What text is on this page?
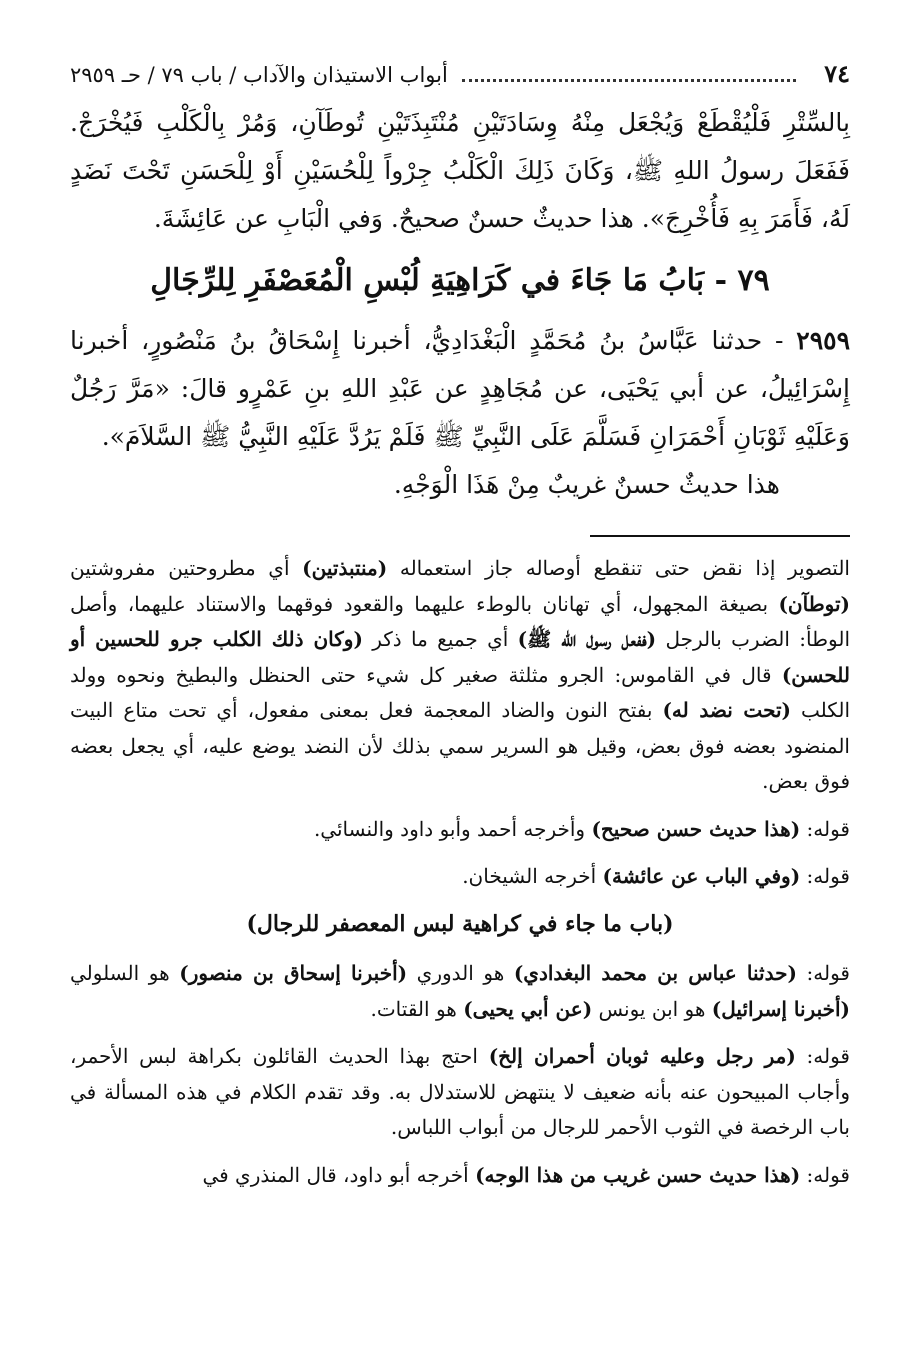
٧٤
أبواب الاستيذان والآداب / باب ٧٩ / حـ ٢٩٥٩

بِالسِّتْرِ فَلْيُقْطَعْ وَيُجْعَل مِنْهُ وِسَادَتَيْنِ مُنْتَبِذَتَيْنِ تُوطَآنِ، وَمُرْ بِالْكَلْبِ فَيُخْرَجْ. فَفَعَلَ رسولُ اللهِ ﷺ، وَكَانَ ذَلِكَ الْكَلْبُ جِرْواً لِلْحُسَيْنِ أَوْ لِلْحَسَنِ تَحْتَ نَضَدٍ لَهُ، فَأَمَرَ بِهِ فَأُخْرِجَ». هذا حديثٌ حسنٌ صحيحٌ. وَفي الْبَابِ عن عَائِشَةَ.

٧٩ - بَابُ مَا جَاءَ في كَرَاهِيَةِ لُبْسِ الْمُعَصْفَرِ لِلرِّجَالِ

٢٩٥٩ - حدثنا عَبَّاسُ بنُ مُحَمَّدٍ الْبَغْدَادِيُّ، أخبرنا إِسْحَاقُ بنُ مَنْصُورٍ، أخبرنا إِسْرَائِيلُ، عن أبي يَحْيَى، عن مُجَاهِدٍ عن عَبْدِ اللهِ بنِ عَمْرٍو قالَ: «مَرَّ رَجُلٌ وَعَلَيْهِ ثَوْبَانِ أَحْمَرَانِ فَسَلَّمَ عَلَى النَّبِيِّ ﷺ فَلَمْ يَرُدَّ عَلَيْهِ النَّبِيُّ ﷺ السَّلاَمَ».

هذا حديثٌ حسنٌ غريبٌ مِنْ هَذَا الْوَجْهِ.

التصوير إذا نقض حتى تنقطع أوصاله جاز استعماله (منتبذتين) أي مطروحتين مفروشتين (توطآن) بصيغة المجهول، أي تهانان بالوطء عليهما والقعود فوقهما والاستناد عليهما، وأصل الوطأ: الضرب بالرجل (ففعل رسول الله ﷺ) أي جميع ما ذكر (وكان ذلك الكلب جرو للحسين أو للحسن) قال في القاموس: الجرو مثلثة صغير كل شيء حتى الحنظل والبطيخ ونحوه وولد الكلب (تحت نضد له) بفتح النون والضاد المعجمة فعل بمعنى مفعول، أي تحت متاع البيت المنضود بعضه فوق بعض، وقيل هو السرير سمي بذلك لأن النضد يوضع عليه، أي يجعل بعضه فوق بعض.

قوله: (هذا حديث حسن صحيح) وأخرجه أحمد وأبو داود والنسائي.

قوله: (وفي الباب عن عائشة) أخرجه الشيخان.

(باب ما جاء في كراهية لبس المعصفر للرجال)

قوله: (حدثنا عباس بن محمد البغدادي) هو الدوري (أخبرنا إسحاق بن منصور) هو السلولي (أخبرنا إسرائيل) هو ابن يونس (عن أبي يحيى) هو القتات.

قوله: (مر رجل وعليه ثوبان أحمران إلخ) احتج بهذا الحديث القائلون بكراهة لبس الأحمر، وأجاب المبيحون عنه بأنه ضعيف لا ينتهض للاستدلال به. وقد تقدم الكلام في هذه المسألة في باب الرخصة في الثوب الأحمر للرجال من أبواب اللباس.

قوله: (هذا حديث حسن غريب من هذا الوجه) أخرجه أبو داود، قال المنذري في
